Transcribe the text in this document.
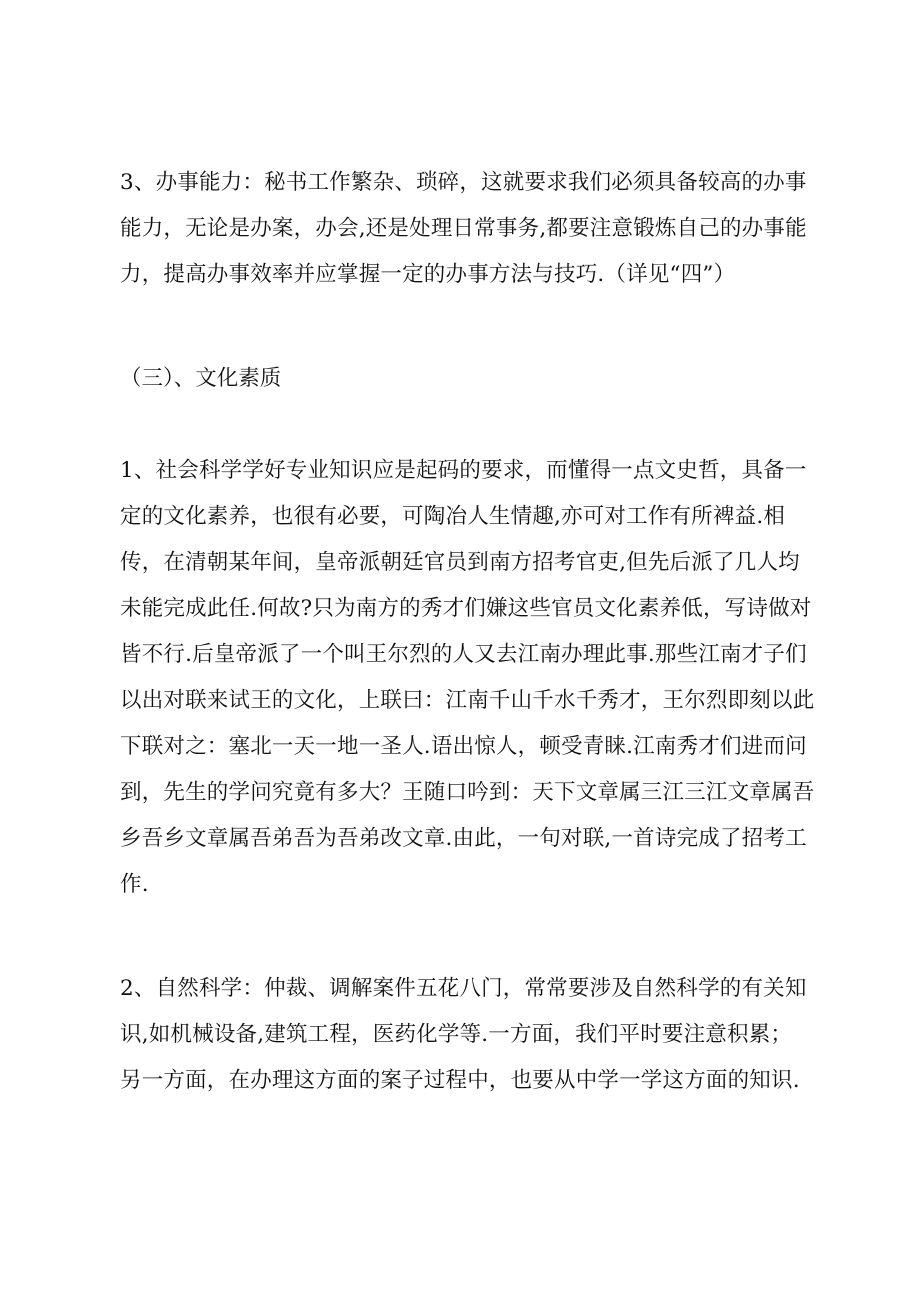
3、办事能力：秘书工作繁杂、琐碎，这就要求我们必须具备较高的办事
能力，无论是办案，办会,还是处理日常事务,都要注意锻炼自己的办事能
力，提高办事效率并应掌握一定的办事方法与技巧.（详见“四”）

（三）、文化素质

1、社会科学学好专业知识应是起码的要求，而懂得一点文史哲，具备一
定的文化素养，也很有必要，可陶冶人生情趣,亦可对工作有所裨益.相
传，在清朝某年间，皇帝派朝廷官员到南方招考官吏,但先后派了几人均
未能完成此任.何故?只为南方的秀才们嫌这些官员文化素养低，写诗做对
皆不行.后皇帝派了一个叫王尔烈的人又去江南办理此事.那些江南才子们
以出对联来试王的文化，上联曰：江南千山千水千秀才，王尔烈即刻以此
下联对之：塞北一天一地一圣人.语出惊人，顿受青睐.江南秀才们进而问
到，先生的学问究竟有多大？王随口吟到：天下文章属三江三江文章属吾
乡吾乡文章属吾弟吾为吾弟改文章.由此，一句对联,一首诗完成了招考工
作.

2、自然科学：仲裁、调解案件五花八门，常常要涉及自然科学的有关知
识,如机械设备,建筑工程，医药化学等.一方面，我们平时要注意积累；
另一方面，在办理这方面的案子过程中，也要从中学一学这方面的知识.
